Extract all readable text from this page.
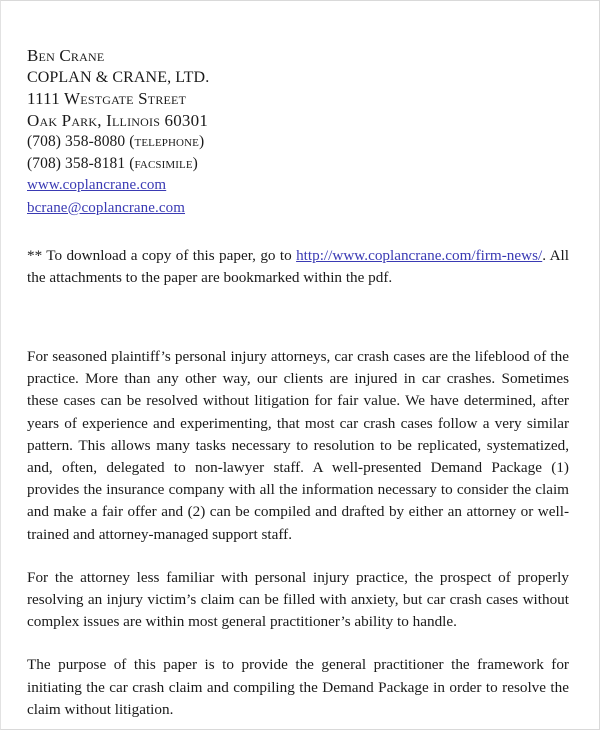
Ben Crane
COPLAN & CRANE, LTD.
1111 Westgate Street
Oak Park, Illinois 60301
(708) 358-8080 (telephone)
(708) 358-8181 (facsimile)
www.coplancrane.com
bcrane@coplancrane.com

** To download a copy of this paper, go to http://www.coplancrane.com/firm-news/. All the attachments to the paper are bookmarked within the pdf.

For seasoned plaintiff’s personal injury attorneys, car crash cases are the lifeblood of the practice. More than any other way, our clients are injured in car crashes. Sometimes these cases can be resolved without litigation for fair value. We have determined, after years of experience and experimenting, that most car crash cases follow a very similar pattern. This allows many tasks necessary to resolution to be replicated, systematized, and, often, delegated to non-lawyer staff. A well-presented Demand Package (1) provides the insurance company with all the information necessary to consider the claim and make a fair offer and (2) can be compiled and drafted by either an attorney or well-trained and attorney-managed support staff.

For the attorney less familiar with personal injury practice, the prospect of properly resolving an injury victim’s claim can be filled with anxiety, but car crash cases without complex issues are within most general practitioner’s ability to handle.

The purpose of this paper is to provide the general practitioner the framework for initiating the car crash claim and compiling the Demand Package in order to resolve the claim without litigation.
